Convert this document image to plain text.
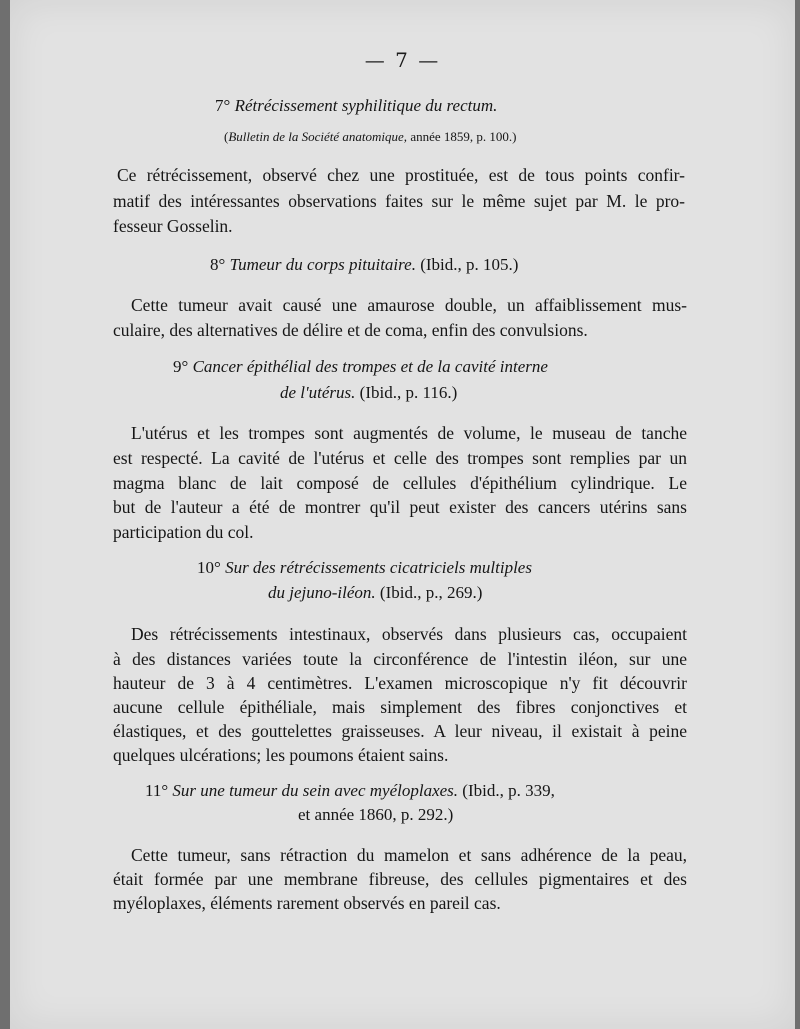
— 7 —
7° Rétrécissement syphilitique du rectum.
(Bulletin de la Société anatomique, année 1859, p. 100.)
Ce rétrécissement, observé chez une prostituée, est de tous points confir-
matif des intéressantes observations faites sur le même sujet par M. le pro-
fesseur Gosselin.
8° Tumeur du corps pituitaire. (Ibid., p. 105.)
Cette tumeur avait causé une amaurose double, un affaiblissement mus-
culaire, des alternatives de délire et de coma, enfin des convulsions.
9° Cancer épithélial des trompes et de la cavité interne
de l'utérus. (Ibid., p. 116.)
L'utérus et les trompes sont augmentés de volume, le museau de tanche
est respecté. La cavité de l'utérus et celle des trompes sont remplies par un
magma blanc de lait composé de cellules d'épithélium cylindrique. Le
but de l'auteur a été de montrer qu'il peut exister des cancers utérins sans
participation du col.
10° Sur des rétrécissements cicatriciels multiples
du jejuno-iléon. (Ibid., p., 269.)
Des rétrécissements intestinaux, observés dans plusieurs cas, occupaient
à des distances variées toute la circonférence de l'intestin iléon, sur une
hauteur de 3 à 4 centimètres. L'examen microscopique n'y fit découvrir
aucune cellule épithéliale, mais simplement des fibres conjonctives et
élastiques, et des gouttelettes graisseuses. A leur niveau, il existait à peine
quelques ulcérations; les poumons étaient sains.
11° Sur une tumeur du sein avec myéloplaxes. (Ibid., p. 339,
et année 1860, p. 292.)
Cette tumeur, sans rétraction du mamelon et sans adhérence de la peau,
était formée par une membrane fibreuse, des cellules pigmentaires et des
myéloplaxes, éléments rarement observés en pareil cas.
